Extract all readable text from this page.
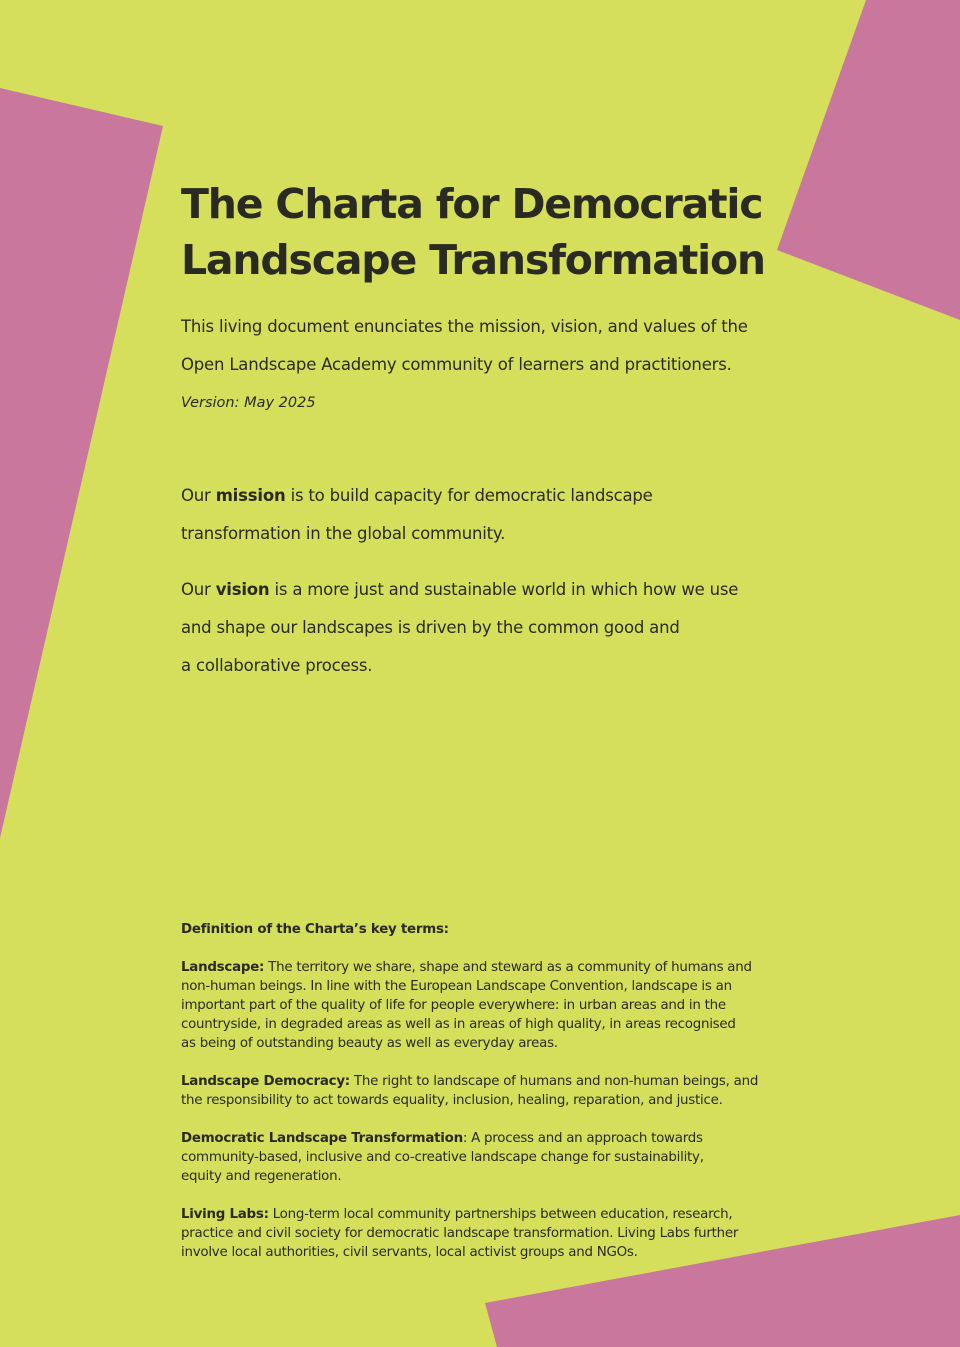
The Charta for Democratic
Landscape Transformation
This living document enunciates the mission, vision, and values of the
Open Landscape Academy community of learners and practitioners.
Version: May 2025
Our mission is to build capacity for democratic landscape
transformation in the global community.
Our vision is a more just and sustainable world in which how we use
and shape our landscapes is driven by the common good and
a collaborative process.
Definition of the Charta’s key terms:
Landscape: The territory we share, shape and steward as a community of humans and
non-human beings. In line with the European Landscape Convention, landscape is an
important part of the quality of life for people everywhere: in urban areas and in the
countryside, in degraded areas as well as in areas of high quality, in areas recognised
as being of outstanding beauty as well as everyday areas.
Landscape Democracy: The right to landscape of humans and non-human beings, and
the responsibility to act towards equality, inclusion, healing, reparation, and justice.
Democratic Landscape Transformation: A process and an approach towards
community-based, inclusive and co-creative landscape change for sustainability,
equity and regeneration.
Living Labs: Long-term local community partnerships between education, research,
practice and civil society for democratic landscape transformation. Living Labs further
involve local authorities, civil servants, local activist groups and NGOs.
